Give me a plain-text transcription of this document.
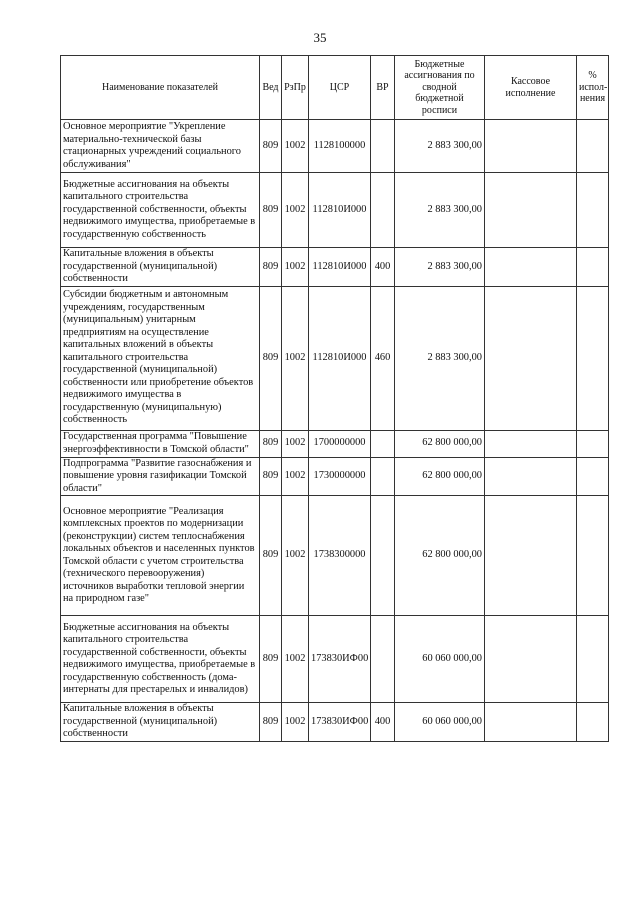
35
Наименование показателей	Вед	РзПр	ЦСР	ВР	Бюджетные ассигнования по сводной бюджетной росписи	Кассовое исполнение	% испол-нения
Основное мероприятие "Укрепление материально-технической базы стационарных учреждений социального обслуживания"	809	1002	1128100000		2 883 300,00		
Бюджетные ассигнования на объекты капитального строительства государственной собственности, объекты недвижимого имущества, приобретаемые в государственную собственность	809	1002	112810И000		2 883 300,00		
Капитальные вложения в объекты государственной (муниципальной) собственности	809	1002	112810И000	400	2 883 300,00		
Субсидии бюджетным и автономным учреждениям, государственным (муниципальным) унитарным предприятиям на осуществление капитальных вложений в объекты капитального строительства государственной (муниципальной) собственности или приобретение объектов недвижимого имущества в государственную (муниципальную) собственность	809	1002	112810И000	460	2 883 300,00		
Государственная программа "Повышение энергоэффективности в Томской области"	809	1002	1700000000		62 800 000,00		
Подпрограмма "Развитие газоснабжения и повышение уровня газификации Томской области"	809	1002	1730000000		62 800 000,00		
Основное мероприятие "Реализация комплексных проектов по модернизации (реконструкции) систем теплоснабжения локальных объектов и населенных пунктов Томской области с учетом строительства (технического перевооружения) источников выработки тепловой энергии на природном газе"	809	1002	1738300000		62 800 000,00		
Бюджетные ассигнования на объекты капитального строительства государственной собственности, объекты недвижимого имущества, приобретаемые в государственную собственность (дома-интернаты для престарелых и инвалидов)	809	1002	173830ИФ00		60 060 000,00		
Капитальные вложения в объекты государственной (муниципальной) собственности	809	1002	173830ИФ00	400	60 060 000,00		
